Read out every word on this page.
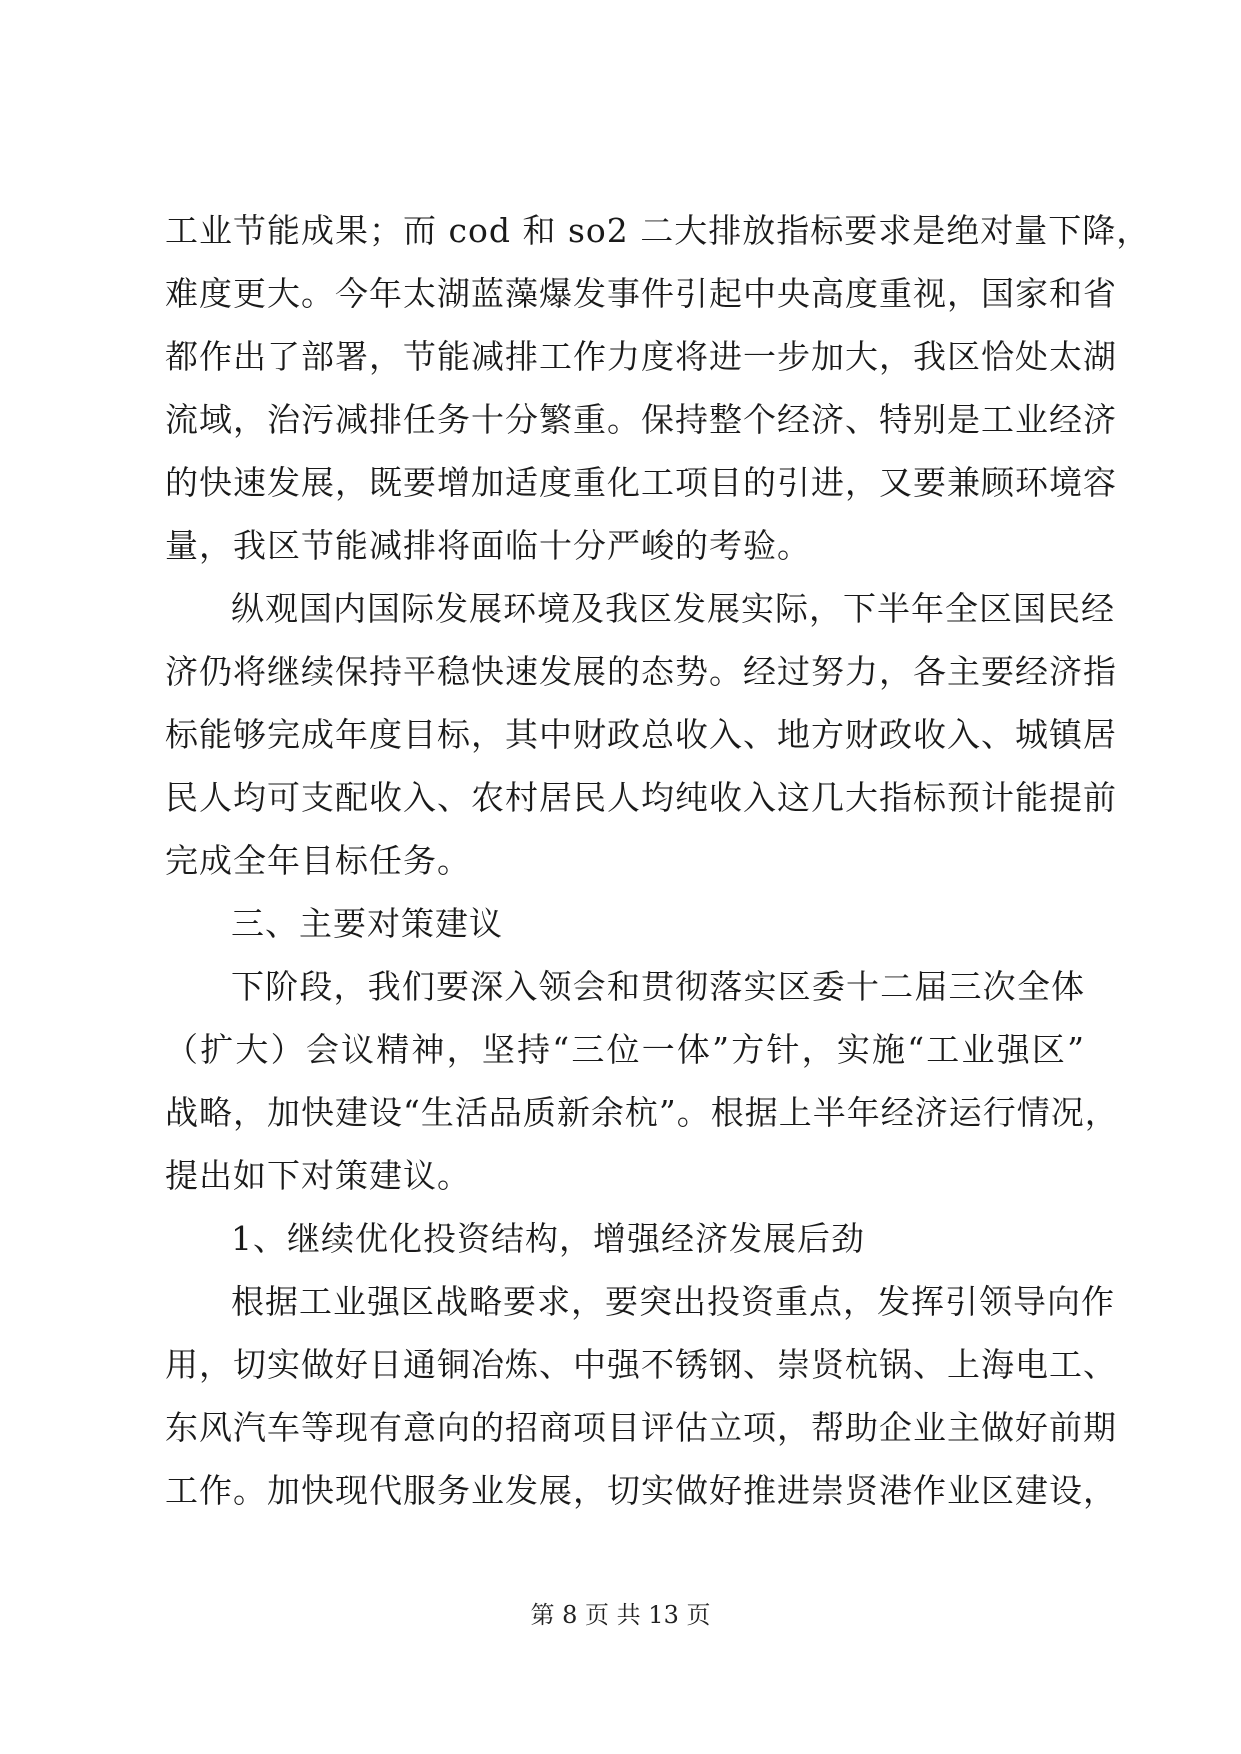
工业节能成果；而 cod 和 so2 二大排放指标要求是绝对量下降，
难度更大。今年太湖蓝藻爆发事件引起中央高度重视，国家和省
都作出了部署，节能减排工作力度将进一步加大，我区恰处太湖
流域，治污减排任务十分繁重。保持整个经济、特别是工业经济
的快速发展，既要增加适度重化工项目的引进，又要兼顾环境容
量，我区节能减排将面临十分严峻的考验。
纵观国内国际发展环境及我区发展实际，下半年全区国民经
济仍将继续保持平稳快速发展的态势。经过努力，各主要经济指
标能够完成年度目标，其中财政总收入、地方财政收入、城镇居
民人均可支配收入、农村居民人均纯收入这几大指标预计能提前
完成全年目标任务。
三、主要对策建议
下阶段，我们要深入领会和贯彻落实区委十二届三次全体
（扩大）会议精神，坚持“三位一体”方针，实施“工业强区”
战略，加快建设“生活品质新余杭”。根据上半年经济运行情况，
提出如下对策建议。
1、继续优化投资结构，增强经济发展后劲
根据工业强区战略要求，要突出投资重点，发挥引领导向作
用，切实做好日通铜冶炼、中强不锈钢、崇贤杭锅、上海电工、
东风汽车等现有意向的招商项目评估立项，帮助企业主做好前期
工作。加快现代服务业发展，切实做好推进崇贤港作业区建设，
第 8 页 共 13 页
